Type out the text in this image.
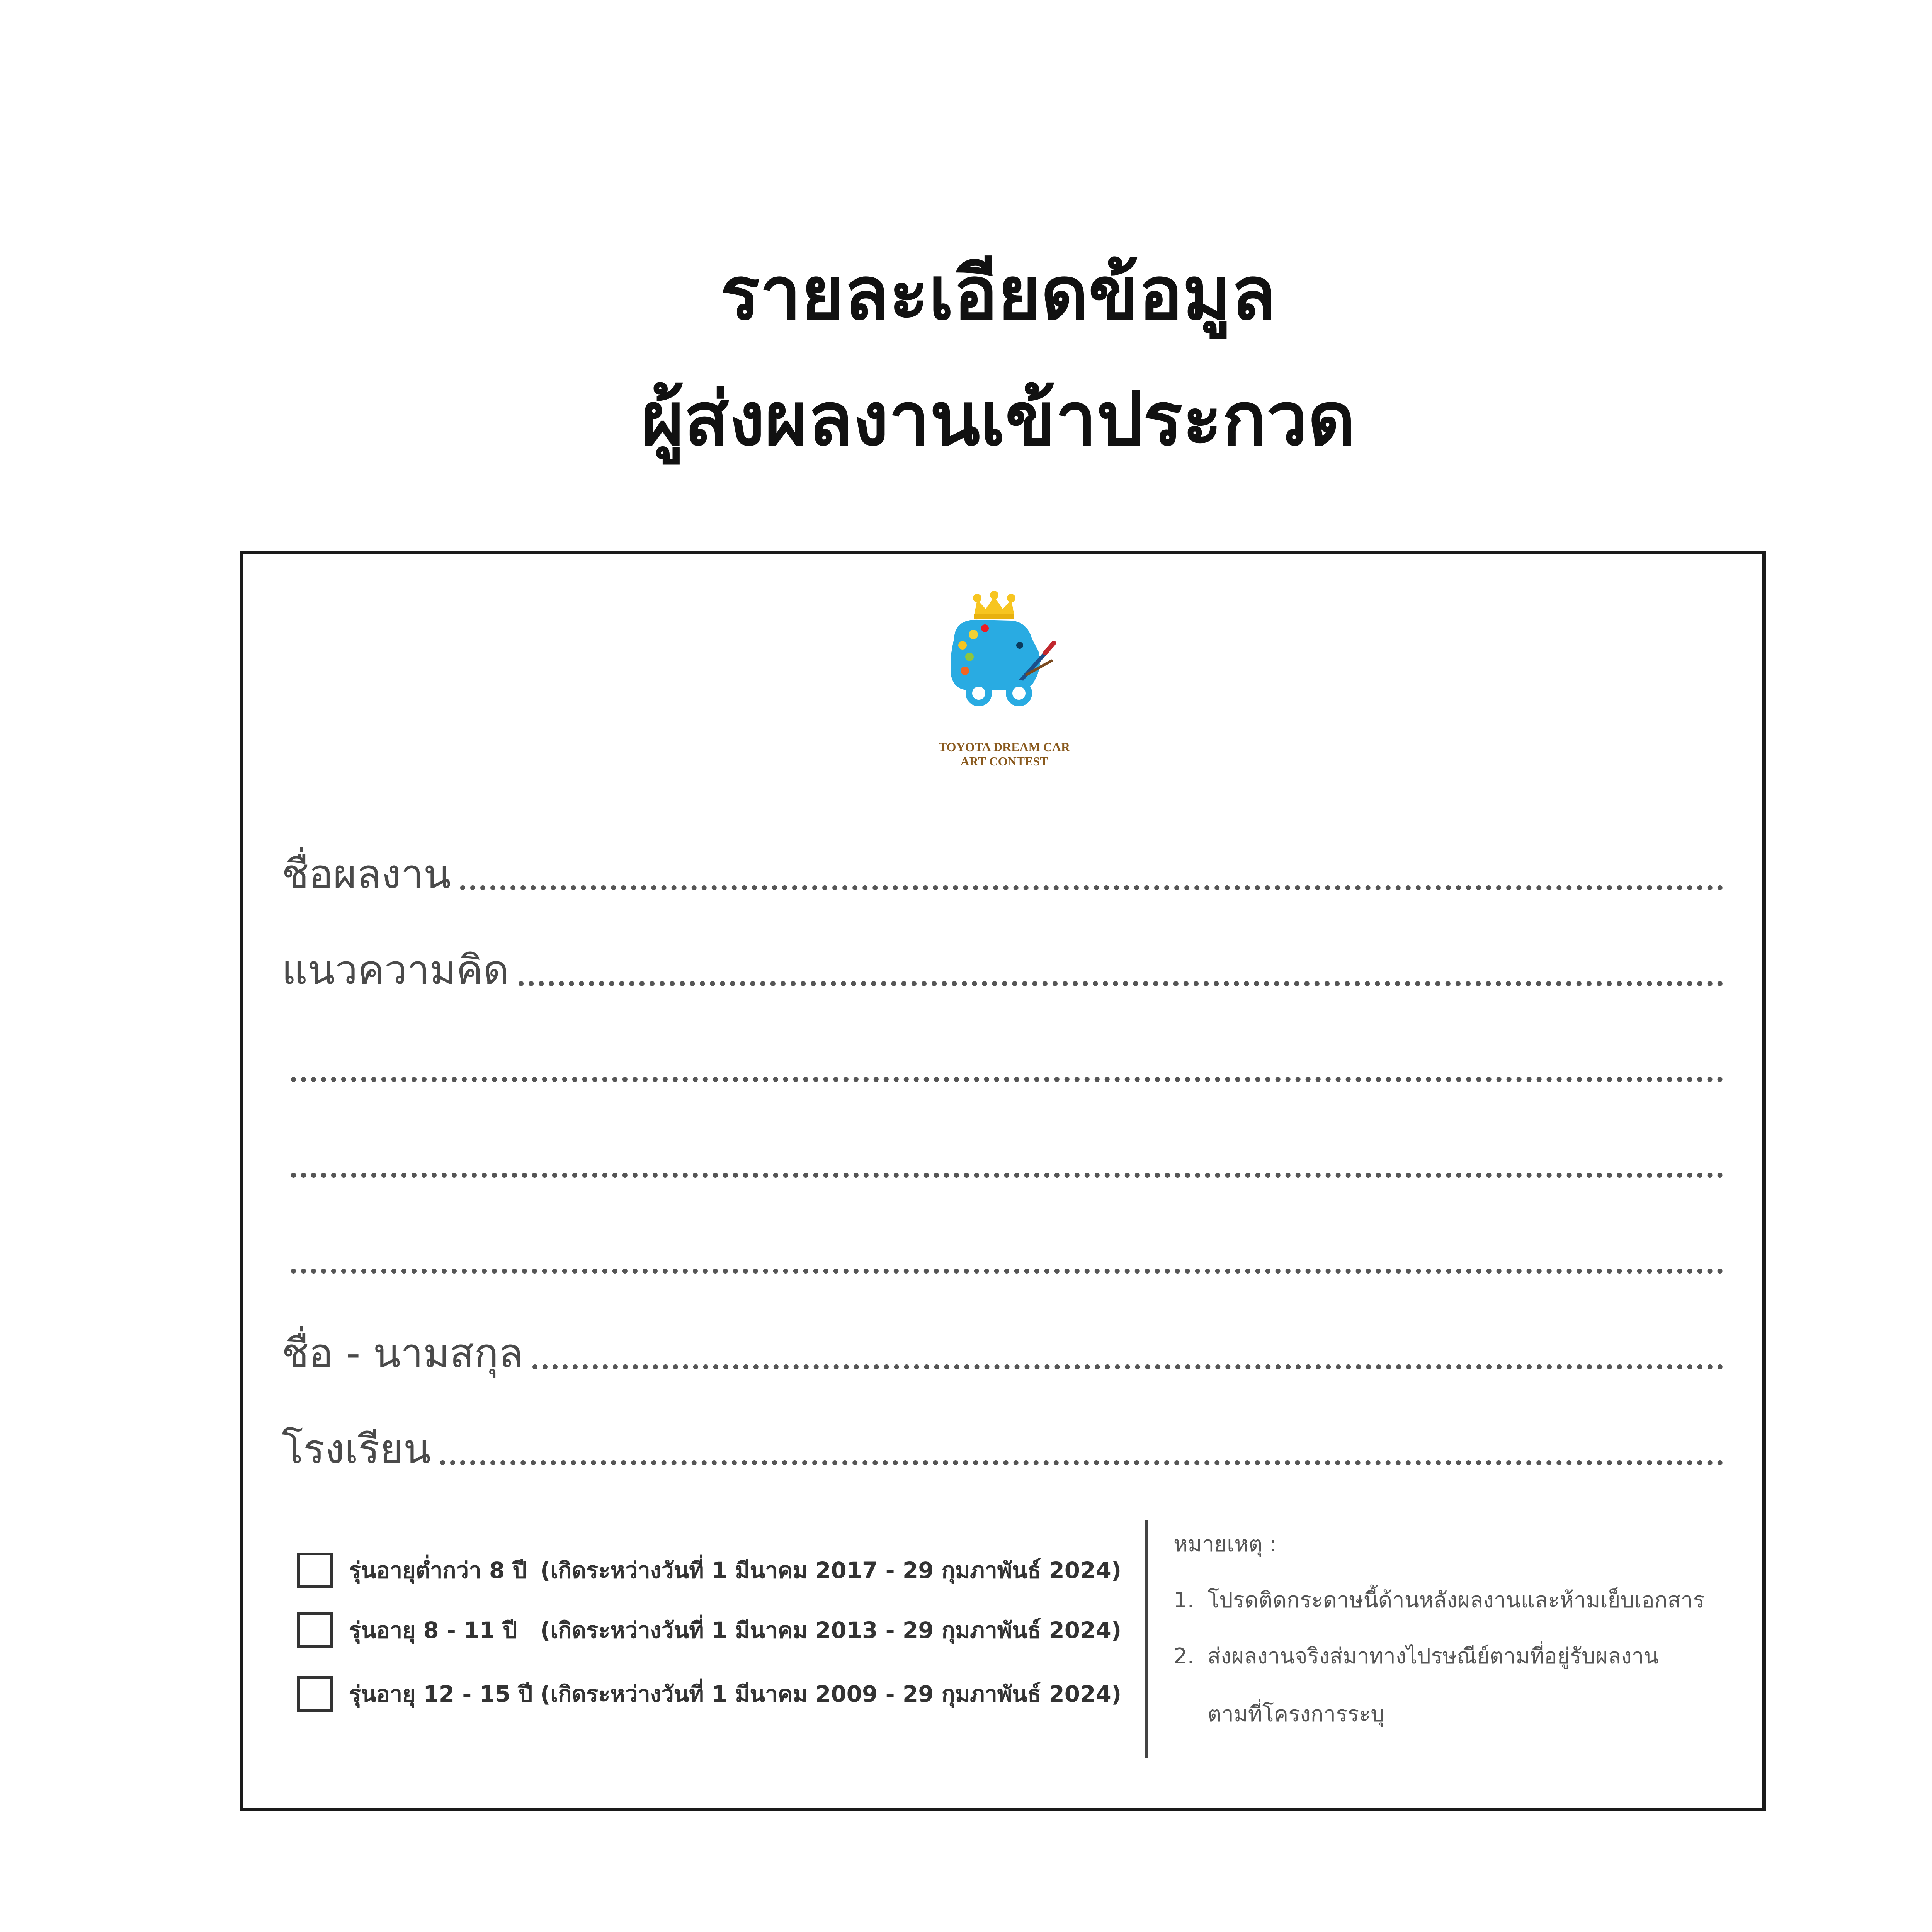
รายละเอียดข้อมูล
ผู้ส่งผลงานเข้าประกวด
TOYOTA DREAM CAR
ART CONTEST
ชื่อผลงาน
แนวความคิด
ชื่อ - นามสกุล
โรงเรียน
รุ่นอายุต่ำกว่า 8 ปี (เกิดระหว่างวันที่ 1 มีนาคม 2017 - 29 กุมภาพันธ์ 2024)
รุ่นอายุ 8 - 11 ปี	(เกิดระหว่างวันที่ 1 มีนาคม 2013 - 29 กุมภาพันธ์ 2024)
รุ่นอายุ 12 - 15 ปี (เกิดระหว่างวันที่ 1 มีนาคม 2009 - 29 กุมภาพันธ์ 2024)
หมายเหตุ :
1. โปรดติดกระดาษนี้ด้านหลังผลงานและห้ามเย็บเอกสาร
2. ส่งผลงานจริงส่มาทางไปรษณีย์ตามที่อยู่รับผลงาน
ตามที่โครงการระบุ
